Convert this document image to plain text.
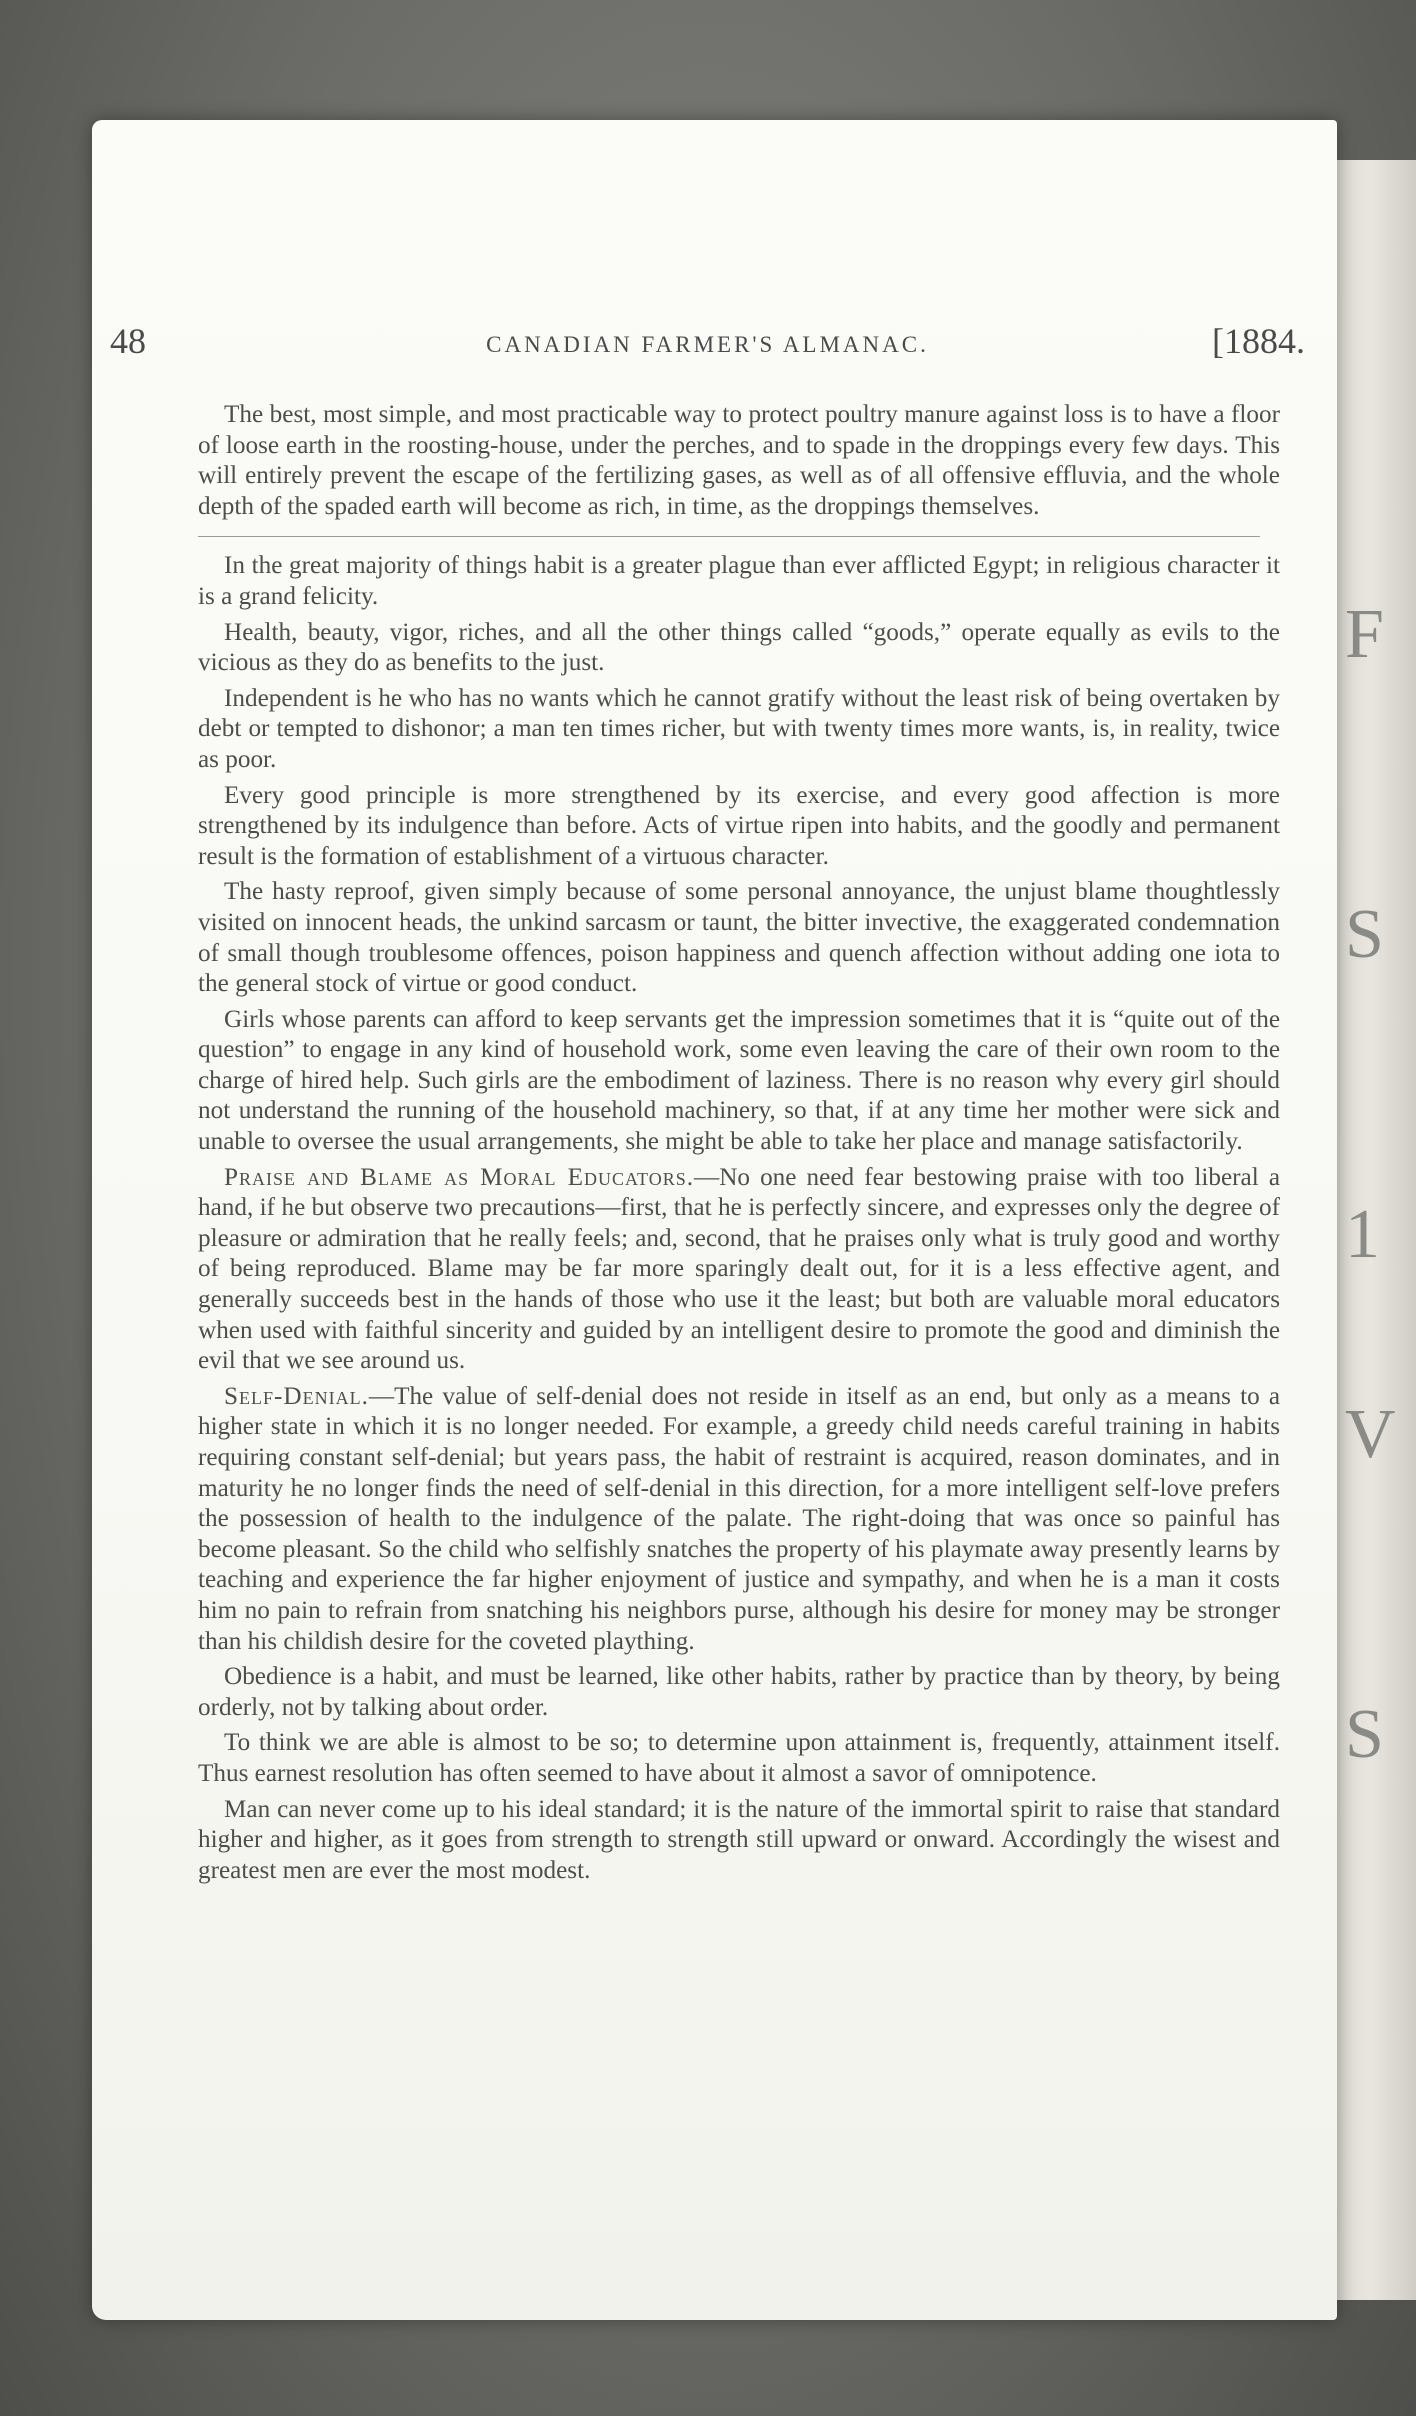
F
S
1
V
S
48	CANADIAN FARMER'S ALMANAC.	[1884.

The best, most simple, and most practicable way to protect poultry manure against loss is to have a floor of loose earth in the roosting-house, under the perches, and to spade in the droppings every few days. This will entirely prevent the escape of the fertilizing gases, as well as of all offensive effluvia, and the whole depth of the spaded earth will become as rich, in time, as the droppings themselves.

In the great majority of things habit is a greater plague than ever afflicted Egypt; in religious character it is a grand felicity.

Health, beauty, vigor, riches, and all the other things called “goods,” operate equally as evils to the vicious as they do as benefits to the just.

Independent is he who has no wants which he cannot gratify without the least risk of being overtaken by debt or tempted to dishonor; a man ten times richer, but with twenty times more wants, is, in reality, twice as poor.

Every good principle is more strengthened by its exercise, and every good affection is more strengthened by its indulgence than before. Acts of virtue ripen into habits, and the goodly and permanent result is the formation of establishment of a virtuous character.

The hasty reproof, given simply because of some personal annoyance, the unjust blame thoughtlessly visited on innocent heads, the unkind sarcasm or taunt, the bitter invective, the exaggerated condemnation of small though troublesome offences, poison happiness and quench affection without adding one iota to the general stock of virtue or good conduct.

Girls whose parents can afford to keep servants get the impression sometimes that it is “quite out of the question” to engage in any kind of household work, some even leaving the care of their own room to the charge of hired help. Such girls are the embodiment of laziness. There is no reason why every girl should not understand the running of the household machinery, so that, if at any time her mother were sick and unable to oversee the usual arrangements, she might be able to take her place and manage satisfactorily.

Praise and Blame as Moral Educators.—No one need fear bestowing praise with too liberal a hand, if he but observe two precautions—first, that he is perfectly sincere, and expresses only the degree of pleasure or admiration that he really feels; and, second, that he praises only what is truly good and worthy of being reproduced. Blame may be far more sparingly dealt out, for it is a less effective agent, and generally succeeds best in the hands of those who use it the least; but both are valuable moral educators when used with faithful sincerity and guided by an intelligent desire to promote the good and diminish the evil that we see around us.

Self-Denial.—The value of self-denial does not reside in itself as an end, but only as a means to a higher state in which it is no longer needed. For example, a greedy child needs careful training in habits requiring constant self-denial; but years pass, the habit of restraint is acquired, reason dominates, and in maturity he no longer finds the need of self-denial in this direction, for a more intelligent self-love prefers the possession of health to the indulgence of the palate. The right-doing that was once so painful has become pleasant. So the child who selfishly snatches the property of his playmate away presently learns by teaching and experience the far higher enjoyment of justice and sympathy, and when he is a man it costs him no pain to refrain from snatching his neighbors purse, although his desire for money may be stronger than his childish desire for the coveted plaything.

Obedience is a habit, and must be learned, like other habits, rather by practice than by theory, by being orderly, not by talking about order.

To think we are able is almost to be so; to determine upon attainment is, frequently, attainment itself. Thus earnest resolution has often seemed to have about it almost a savor of omnipotence.

Man can never come up to his ideal standard; it is the nature of the immortal spirit to raise that standard higher and higher, as it goes from strength to strength still upward or onward. Accordingly the wisest and greatest men are ever the most modest.
